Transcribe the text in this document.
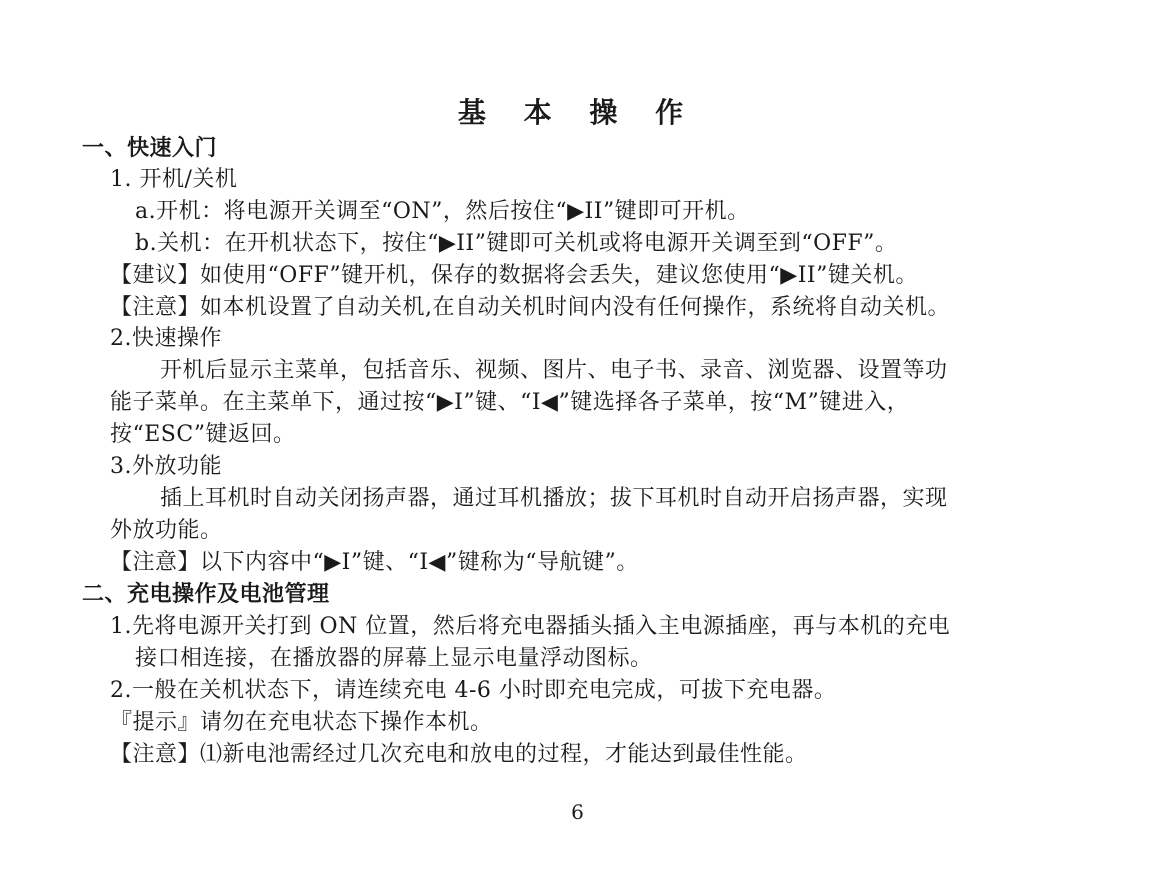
基 本 操 作
一、快速入门
1. 开机/关机
a.开机：将电源开关调至“ON”，然后按住“▶II”键即可开机。
b.关机：在开机状态下，按住“▶II”键即可关机或将电源开关调至到“OFF”。
【建议】如使用“OFF”键开机，保存的数据将会丢失，建议您使用“▶II”键关机。
【注意】如本机设置了自动关机,在自动关机时间内没有任何操作，系统将自动关机。
2.快速操作
开机后显示主菜单，包括音乐、视频、图片、电子书、录音、浏览器、设置等功
能子菜单。在主菜单下，通过按“▶I”键、“I◀”键选择各子菜单，按“M”键进入，
按“ESC”键返回。
3.外放功能
插上耳机时自动关闭扬声器，通过耳机播放；拔下耳机时自动开启扬声器，实现
外放功能。
【注意】以下内容中“▶I”键、“I◀”键称为“导航键”。
二、充电操作及电池管理
1.先将电源开关打到 ON 位置，然后将充电器插头插入主电源插座，再与本机的充电
接口相连接，在播放器的屏幕上显示电量浮动图标。
2.一般在关机状态下，请连续充电 4-6 小时即充电完成，可拔下充电器。
『提示』请勿在充电状态下操作本机。
【注意】⑴新电池需经过几次充电和放电的过程，才能达到最佳性能。
6
